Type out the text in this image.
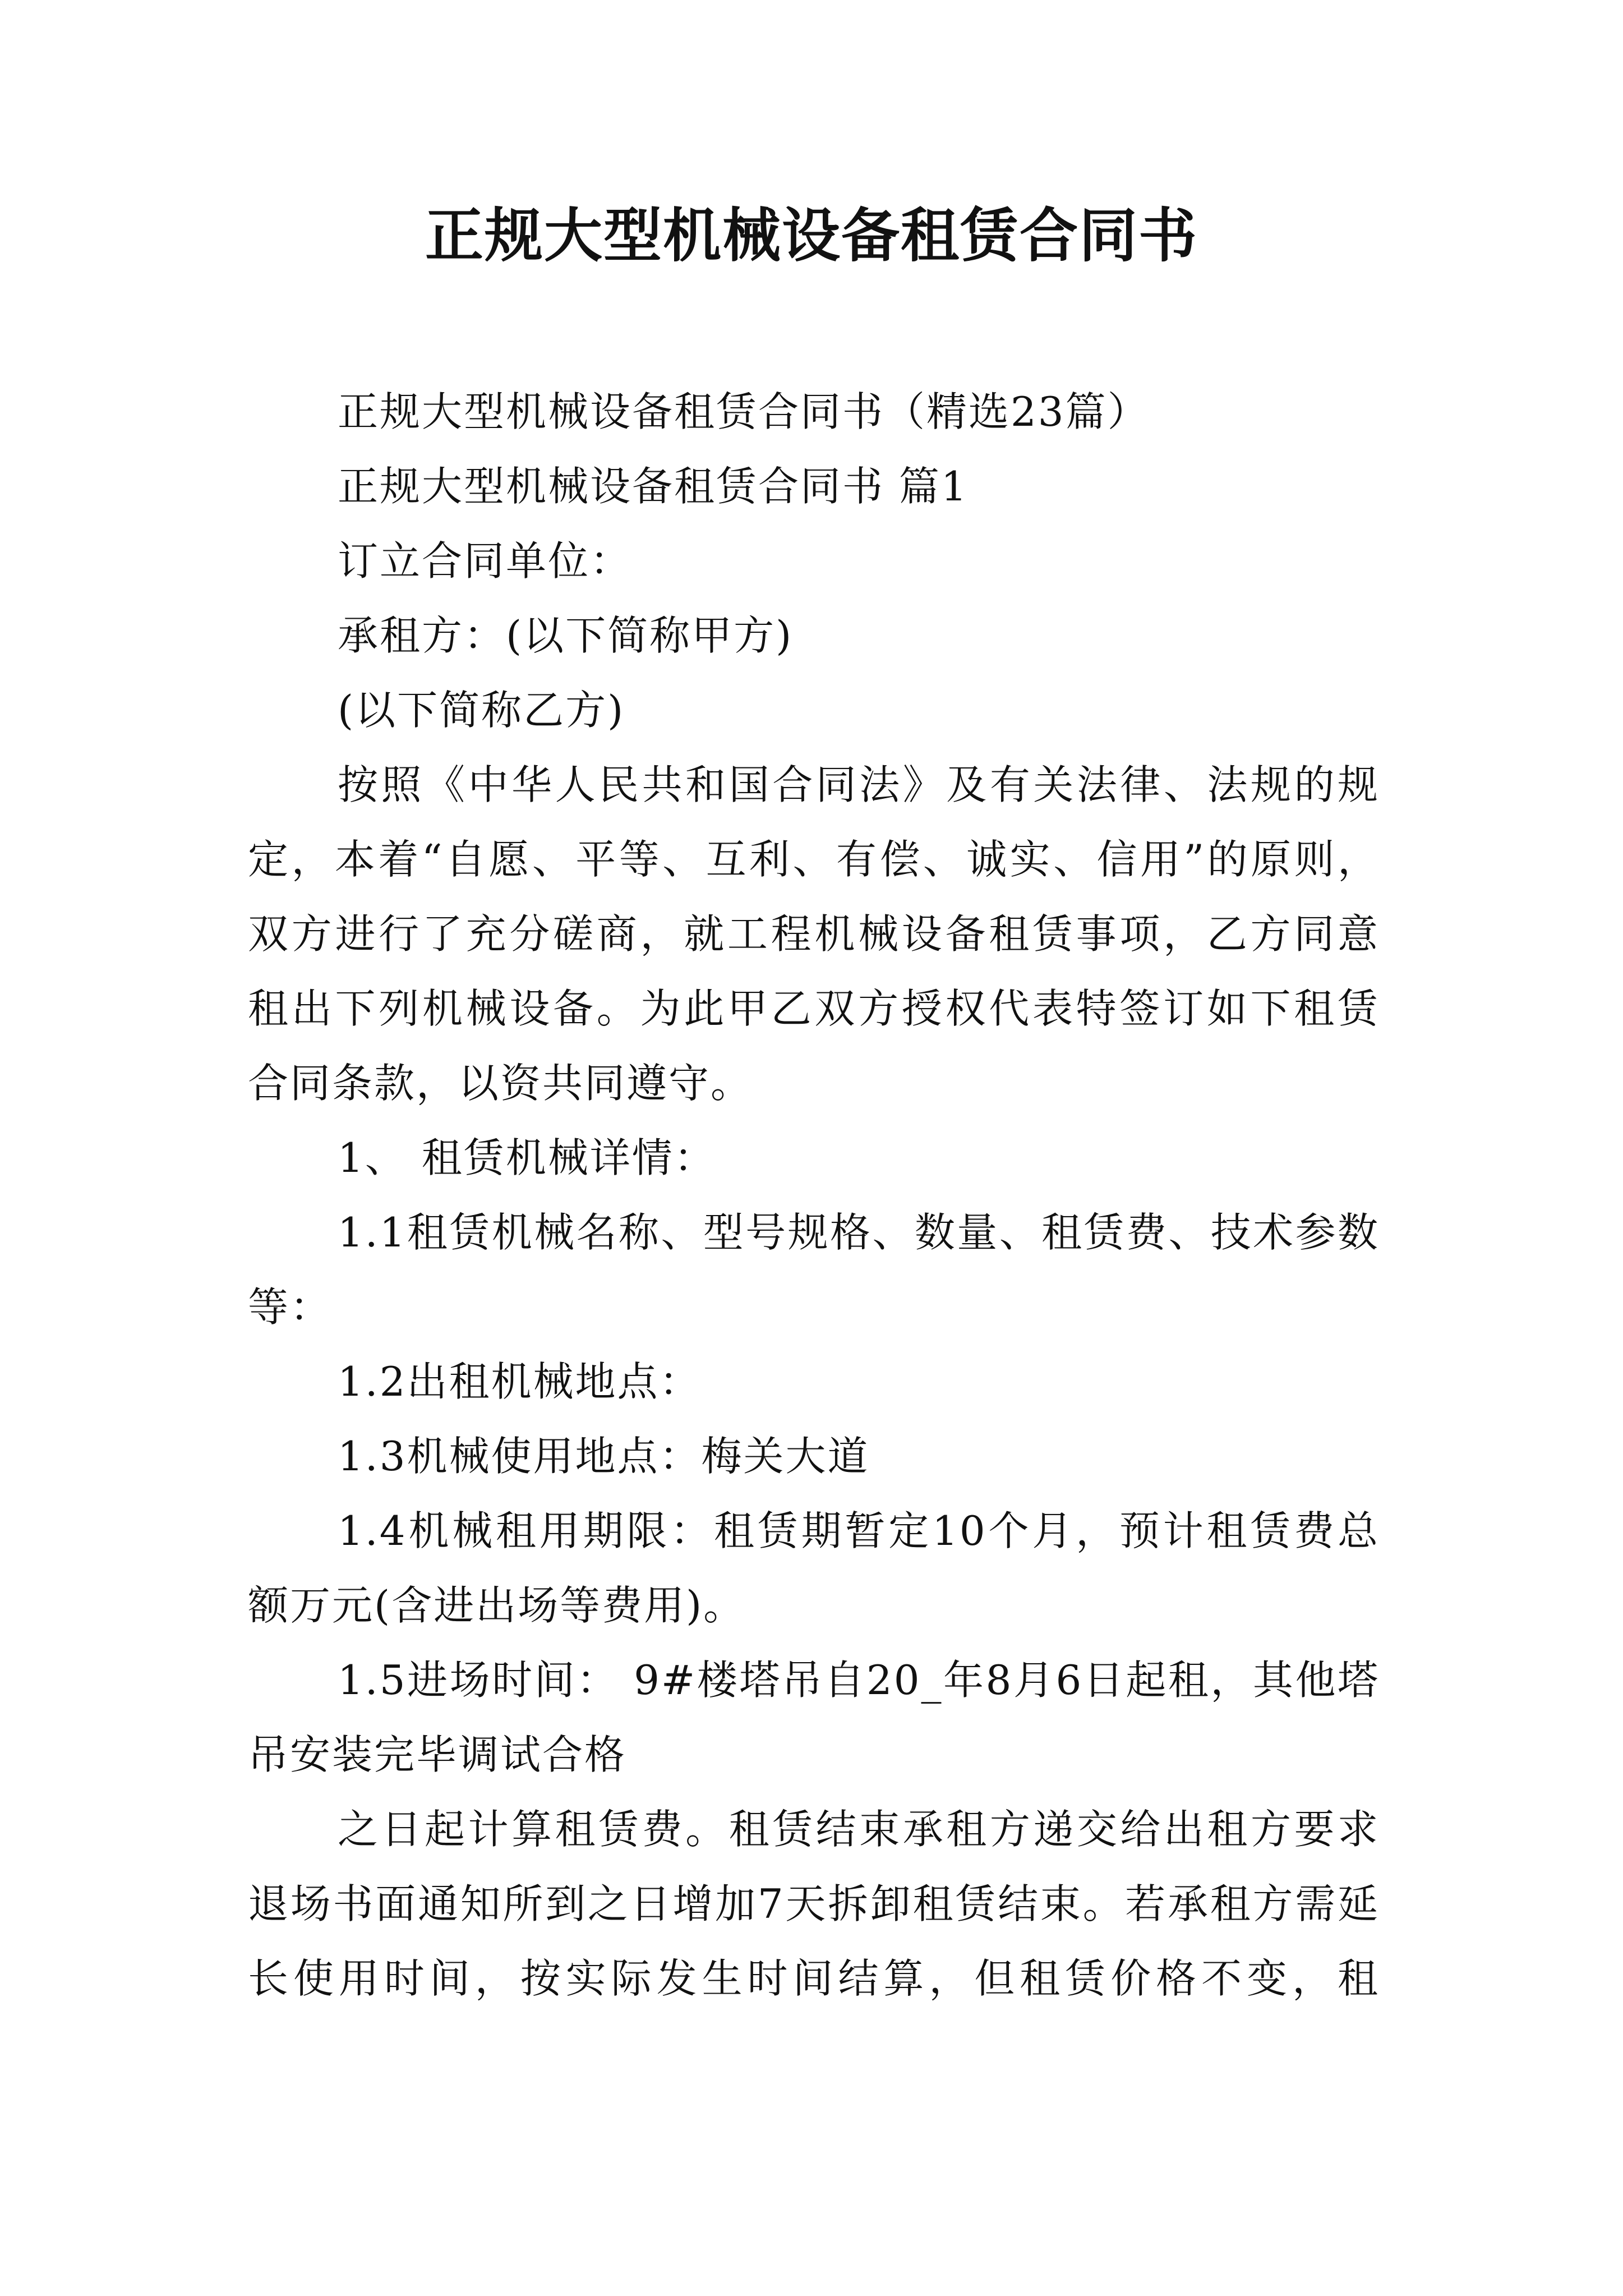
正规大型机械设备租赁合同书

正规大型机械设备租赁合同书（精选23篇）

正规大型机械设备租赁合同书 篇1

订立合同单位：

承租方：(以下简称甲方)

(以下简称乙方)

按照《中华人民共和国合同法》及有关法律、法规的规定，本着“自愿、平等、互利、有偿、诚实、信用”的原则，双方进行了充分磋商，就工程机械设备租赁事项，乙方同意租出下列机械设备。为此甲乙双方授权代表特签订如下租赁合同条款，以资共同遵守。

1、 租赁机械详情：

1.1租赁机械名称、型号规格、数量、租赁费、技术参数等：

1.2出租机械地点：

1.3机械使用地点：梅关大道

1.4机械租用期限：租赁期暂定10个月，预计租赁费总额万元(含进出场等费用)。

1.5进场时间： 9#楼塔吊自20_年8月6日起租，其他塔吊安装完毕调试合格

之日起计算租赁费。租赁结束承租方递交给出租方要求退场书面通知所到之日增加7天拆卸租赁结束。若承租方需延长使用时间，按实际发生时间结算，但租赁价格不变，租
